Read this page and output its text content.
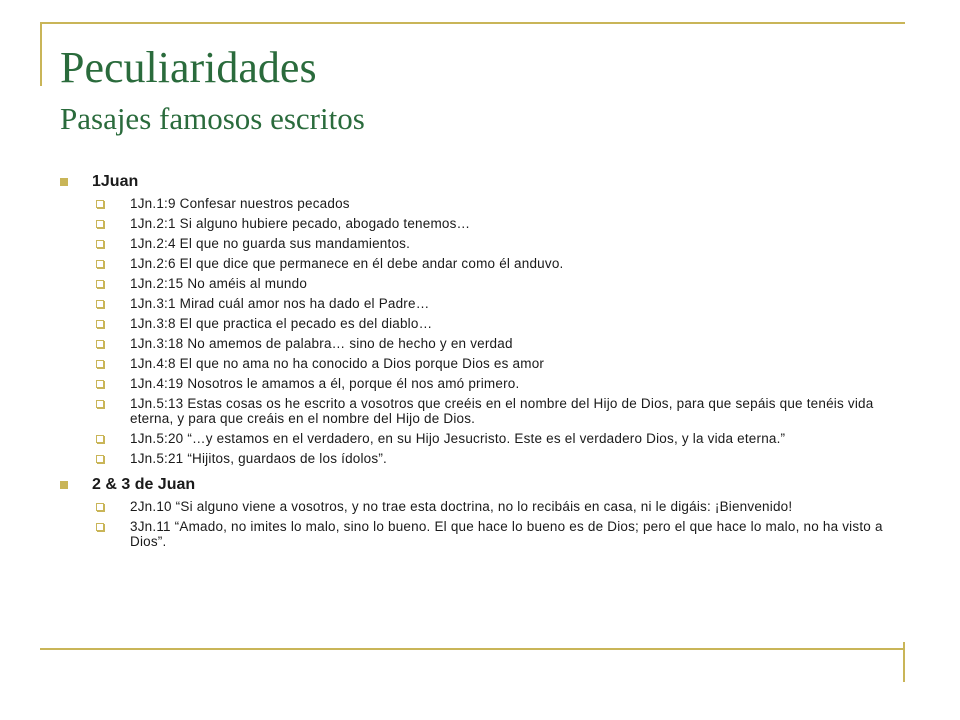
Peculiaridades
Pasajes famosos escritos
1Juan
1Jn.1:9 Confesar nuestros pecados
1Jn.2:1 Si alguno hubiere pecado, abogado tenemos…
1Jn.2:4 El que no guarda sus mandamientos.
1Jn.2:6 El que dice que permanece en él debe andar como él anduvo.
1Jn.2:15 No améis al mundo
1Jn.3:1 Mirad cuál amor nos ha dado el Padre…
1Jn.3:8 El que practica el pecado es del diablo…
1Jn.3:18 No amemos de palabra… sino de hecho y en verdad
1Jn.4:8 El que no ama no ha conocido a Dios porque Dios es amor
1Jn.4:19 Nosotros le amamos a él, porque él nos amó primero.
1Jn.5:13 Estas cosas os he escrito a vosotros que creéis en el nombre del Hijo de Dios, para que sepáis que tenéis vida eterna, y para que creáis en el nombre del Hijo de Dios.
1Jn.5:20 “…y estamos en el verdadero, en su Hijo Jesucristo. Este es el verdadero Dios, y la vida eterna.”
1Jn.5:21 “Hijitos, guardaos de los ídolos”.
2 & 3 de Juan
2Jn.10 “Si alguno viene a vosotros, y no trae esta doctrina, no lo recibáis en casa, ni le digáis: ¡Bienvenido!
3Jn.11 “Amado, no imites lo malo, sino lo bueno. El que hace lo bueno es de Dios; pero el que hace lo malo, no ha visto a Dios”.
